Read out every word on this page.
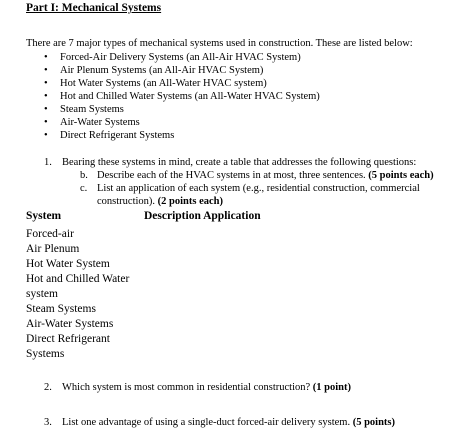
Part I: Mechanical Systems
There are 7 major types of mechanical systems used in construction. These are listed below:
• Forced-Air Delivery Systems (an All-Air HVAC System)
• Air Plenum Systems (an All-Air HVAC System)
• Hot Water Systems (an All-Water HVAC system)
• Hot and Chilled Water Systems (an All-Water HVAC System)
• Steam Systems
• Air-Water Systems
• Direct Refrigerant Systems
1. Bearing these systems in mind, create a table that addresses the following questions:
b. Describe each of the HVAC systems in at most, three sentences. (5 points each)
c. List an application of each system (e.g., residential construction, commercial
construction). (2 points each)
System	Description Application
Forced-air
Air Plenum
Hot Water System
Hot and Chilled Water system
Steam Systems
Air-Water Systems
Direct Refrigerant Systems
2. Which system is most common in residential construction? (1 point)
3. List one advantage of using a single-duct forced-air delivery system. (5 points)
